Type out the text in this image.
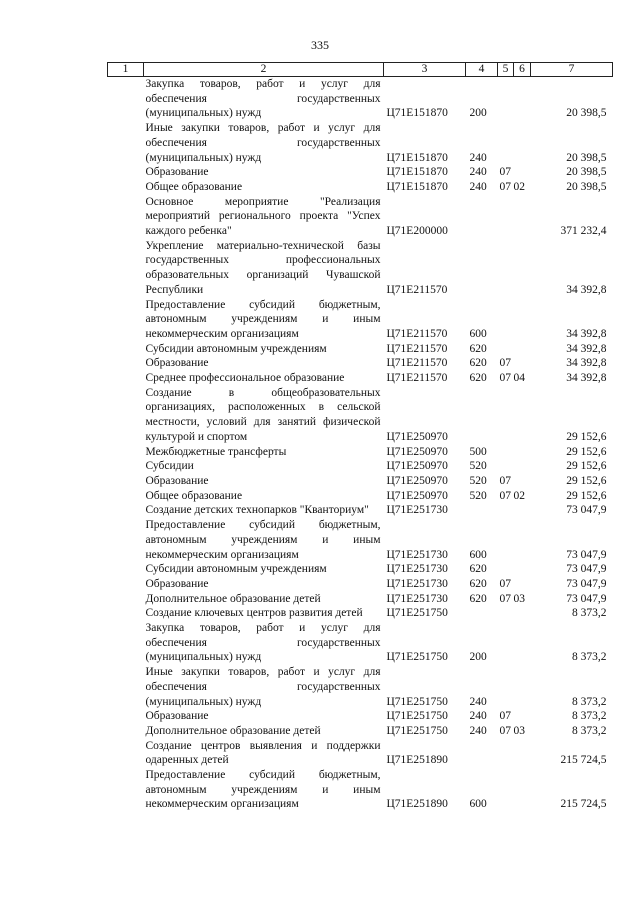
335
1	2	3	4	5	6	7
	Закупка товаров, работ и услуг для обеспечения государственных (муниципальных) нужд	Ц71Е151870	200			20 398,5
	Иные закупки товаров, работ и услуг для обеспечения государственных (муниципальных) нужд	Ц71Е151870	240			20 398,5
	Образование	Ц71Е151870	240	07		20 398,5
	Общее образование	Ц71Е151870	240	07	02	20 398,5
	Основное мероприятие "Реализация мероприятий регионального проекта "Успех каждого ребенка"	Ц71Е200000				371 232,4
	Укрепление материально-технической базы государственных профессиональных образовательных организаций Чувашской Республики	Ц71Е211570				34 392,8
	Предоставление субсидий бюджетным, автономным учреждениям и иным некоммерческим организациям	Ц71Е211570	600			34 392,8
	Субсидии автономным учреждениям	Ц71Е211570	620			34 392,8
	Образование	Ц71Е211570	620	07		34 392,8
	Среднее профессиональное образование	Ц71Е211570	620	07	04	34 392,8
	Создание в общеобразовательных организациях, расположенных в сельской местности, условий для занятий физической культурой и спортом	Ц71Е250970				29 152,6
	Межбюджетные трансферты	Ц71Е250970	500			29 152,6
	Субсидии	Ц71Е250970	520			29 152,6
	Образование	Ц71Е250970	520	07		29 152,6
	Общее образование	Ц71Е250970	520	07	02	29 152,6
	Создание детских технопарков "Кванториум"	Ц71Е251730				73 047,9
	Предоставление субсидий бюджетным, автономным учреждениям и иным некоммерческим организациям	Ц71Е251730	600			73 047,9
	Субсидии автономным учреждениям	Ц71Е251730	620			73 047,9
	Образование	Ц71Е251730	620	07		73 047,9
	Дополнительное образование детей	Ц71Е251730	620	07	03	73 047,9
	Создание ключевых центров развития детей	Ц71Е251750				8 373,2
	Закупка товаров, работ и услуг для обеспечения государственных (муниципальных) нужд	Ц71Е251750	200			8 373,2
	Иные закупки товаров, работ и услуг для обеспечения государственных (муниципальных) нужд	Ц71Е251750	240			8 373,2
	Образование	Ц71Е251750	240	07		8 373,2
	Дополнительное образование детей	Ц71Е251750	240	07	03	8 373,2
	Создание центров выявления и поддержки одаренных детей	Ц71Е251890				215 724,5
	Предоставление субсидий бюджетным, автономным учреждениям и иным некоммерческим организациям	Ц71Е251890	600			215 724,5
